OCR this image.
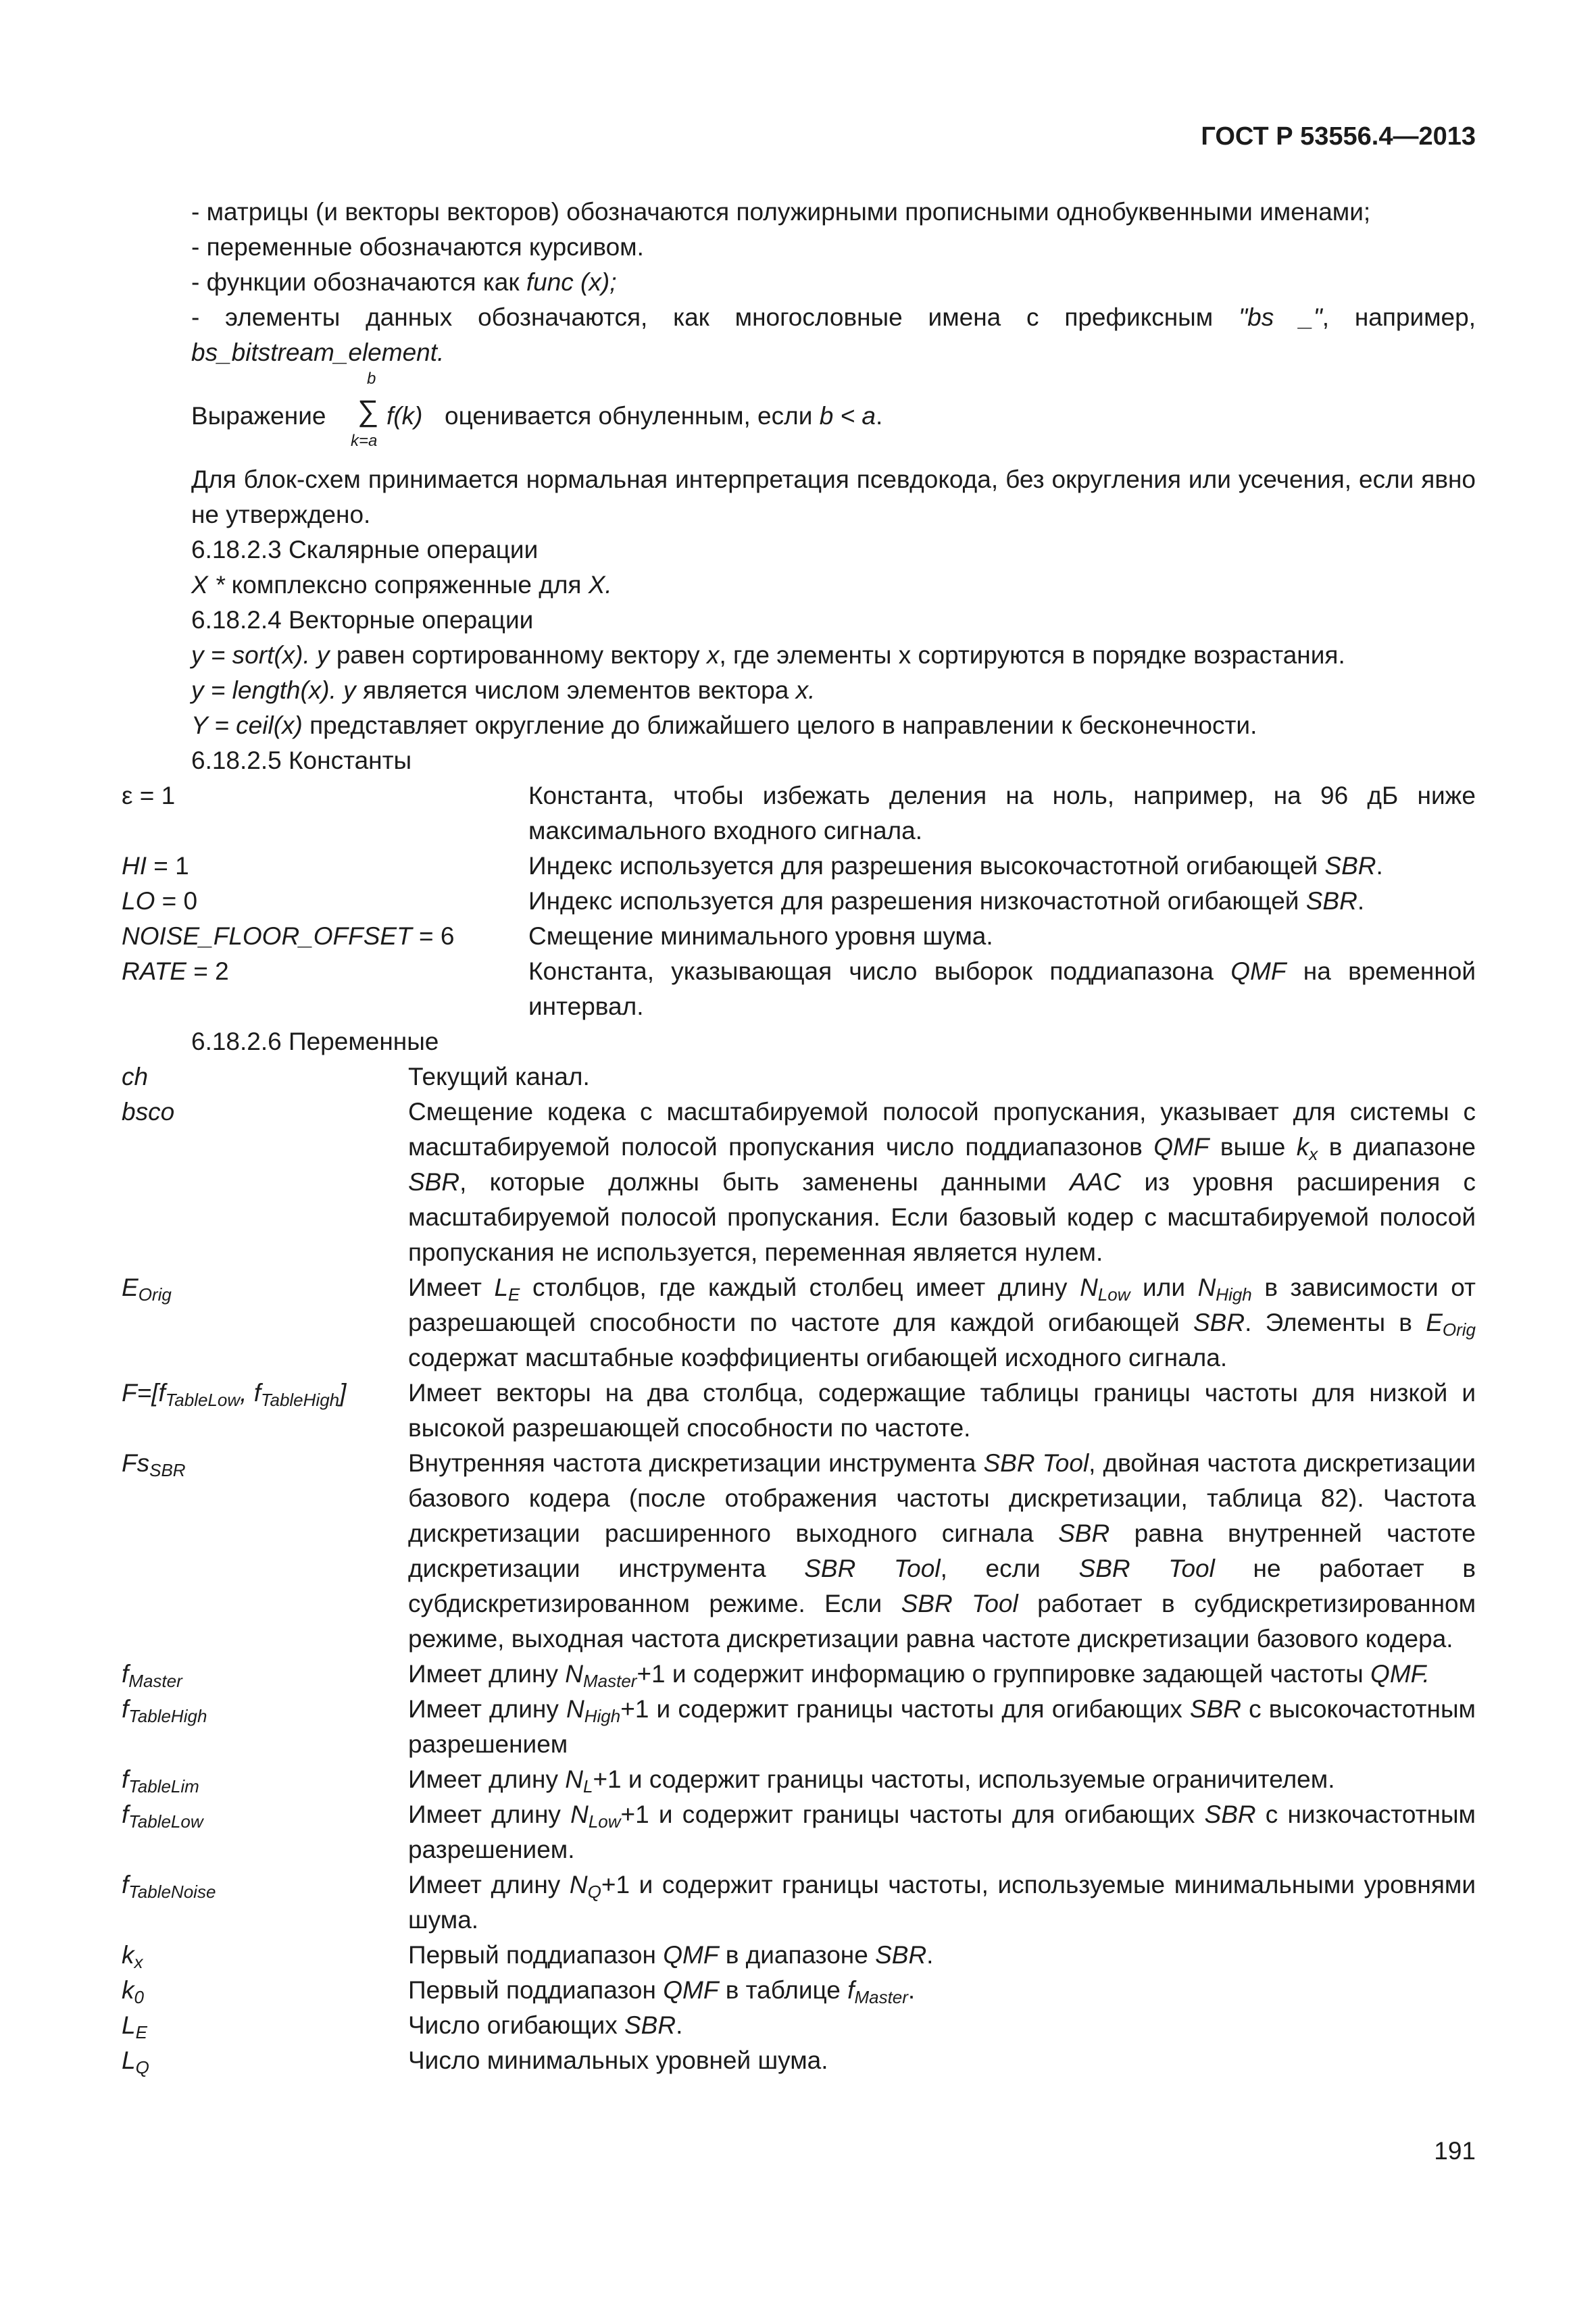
ГОСТ Р 53556.4—2013

- матрицы (и векторы векторов) обозначаются полужирными прописными однобуквенными именами;

- переменные обозначаются курсивом.

- функции обозначаются как func (x);

- элементы данных обозначаются, как многословные имена с префиксным "bs _", например, bs_bitstream_element.

Выражение
b
∑
k=a
f(k) оценивается обнуленным, если b < a.

Для блок-схем принимается нормальная интерпретация псевдокода, без округления или усечения, если явно не утверждено.

6.18.2.3 Скалярные операции

X * комплексно сопряженные для X.

6.18.2.4 Векторные операции

y = sort(x). y равен сортированному вектору x, где элементы x сортируются в порядке возрастания.

y = length(x). y является числом элементов вектора x.

Y = ceil(x) представляет округление до ближайшего целого в направлении к бесконечности.

6.18.2.5 Константы

ε = 1	Константа, чтобы избежать деления на ноль, например, на 96 дБ ниже максимального входного сигнала.
HI = 1	Индекс используется для разрешения высокочастотной огибающей SBR.
LO = 0	Индекс используется для разрешения низкочастотной огибающей SBR.
NOISE_FLOOR_OFFSET = 6	Смещение минимального уровня шума.
RATE = 2	Константа, указывающая число выборок поддиапазона QMF на временной интервал.

6.18.2.6 Переменные

ch	Текущий канал.
bsco	Смещение кодека с масштабируемой полосой пропускания, указывает для системы с масштабируемой полосой пропускания число поддиапазонов QMF выше $k_x$ в диапазоне SBR, которые должны быть заменены данными AAC из уровня расширения с масштабируемой полосой пропускания. Если базовый кодер с масштабируемой полосой пропускания не используется, переменная является нулем.
$E_{Orig}$	Имеет $L_E$ столбцов, где каждый столбец имеет длину $N_{Low}$ или $N_{High}$ в зависимости от разрешающей способности по частоте для каждой огибающей SBR. Элементы в $E_{Orig}$ содержат масштабные коэффициенты огибающей исходного сигнала.
$F=[f_{TableLow}$, $f_{TableHigh}$]	Имеет векторы на два столбца, содержащие таблицы границы частоты для низкой и высокой разрешающей способности по частоте.
$Fs_{SBR}$	Внутренняя частота дискретизации инструмента SBR Tool, двойная частота дискретизации базового кодера (после отображения частоты дискретизации, таблица 82). Частота дискретизации расширенного выходного сигнала SBR равна внутренней частоте дискретизации инструмента SBR Tool, если SBR Tool не работает в субдискретизированном режиме. Если SBR Tool работает в субдискретизированном режиме, выходная частота дискретизации равна частоте дискретизации базового кодера.
$f_{Master}$	Имеет длину $N_{Master}+1$ и содержит информацию о группировке задающей частоты QMF.
$f_{TableHigh}$	Имеет длину $N_{High}+1$ и содержит границы частоты для огибающих SBR с высокочастотным разрешением
$f_{TableLim}$	Имеет длину $N_L+1$ и содержит границы частоты, используемые ограничителем.
$f_{TableLow}$	Имеет длину $N_{Low}+1$ и содержит границы частоты для огибающих SBR с низкочастотным разрешением.
$f_{TableNoise}$	Имеет длину $N_Q+1$ и содержит границы частоты, используемые минимальными уровнями шума.
$k_x$	Первый поддиапазон QMF в диапазоне SBR.
$k_0$	Первый поддиапазон QMF в таблице $f_{Master}$.
$L_E$	Число огибающих SBR.
$L_Q$	Число минимальных уровней шума.
191
